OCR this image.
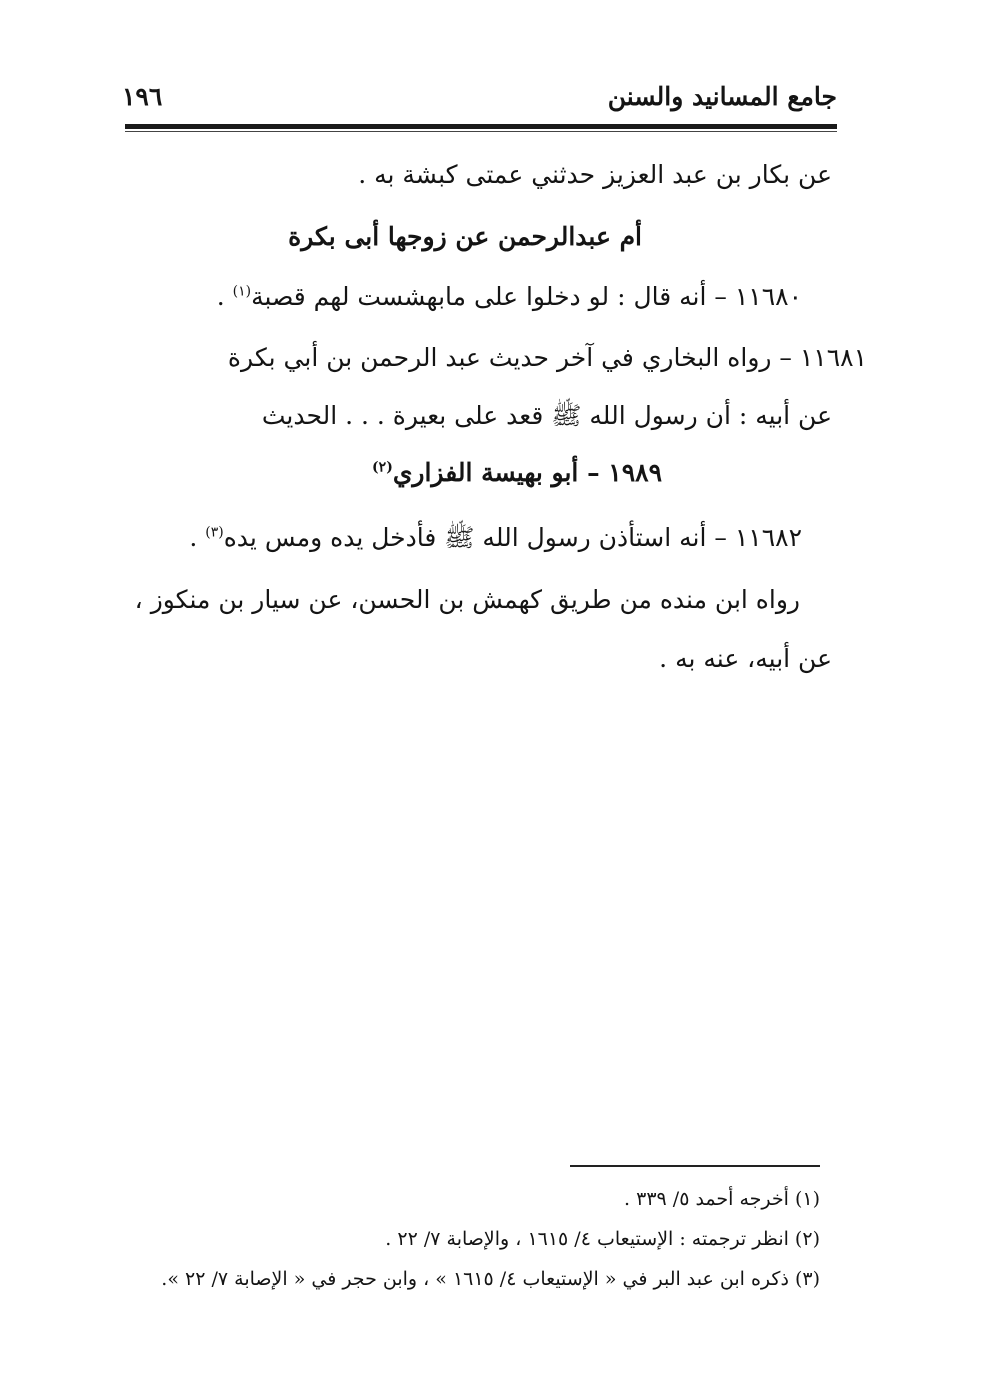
جامع المسانيد والسنن
١٩٦
عن بكار بن عبد العزيز حدثني عمتى كبشة به .
أم عبدالرحمن عن زوجها أبى بكرة
١١٦٨٠ – أنه قال : لو دخلوا على مابهشست لهم قصبة$^{(١)}$ .
١١٦٨١ – رواه البخاري في آخر حديث عبد الرحمن بن أبي بكرة
عن أبيه : أن رسول الله ﷺ قعد على بعيرة . . . الحديث
١٩٨٩ – أبو بهيسة الفزاري$^{(٢)}$
١١٦٨٢ – أنه استأذن رسول الله ﷺ فأدخل يده ومس يده$^{(٣)}$ .
رواه ابن منده من طريق كهمش بن الحسن، عن سيار بن منكوز ،
عن أبيه، عنه به .
(١) أخرجه أحمد ٥/ ٣٣٩ .
(٢) انظر ترجمته : الإستيعاب ٤/ ١٦١٥ ، والإصابة ٧/ ٢٢ .
(٣) ذكره ابن عبد البر في « الإستيعاب ٤/ ١٦١٥ » ، وابن حجر في « الإصابة ٧/ ٢٢ ».
